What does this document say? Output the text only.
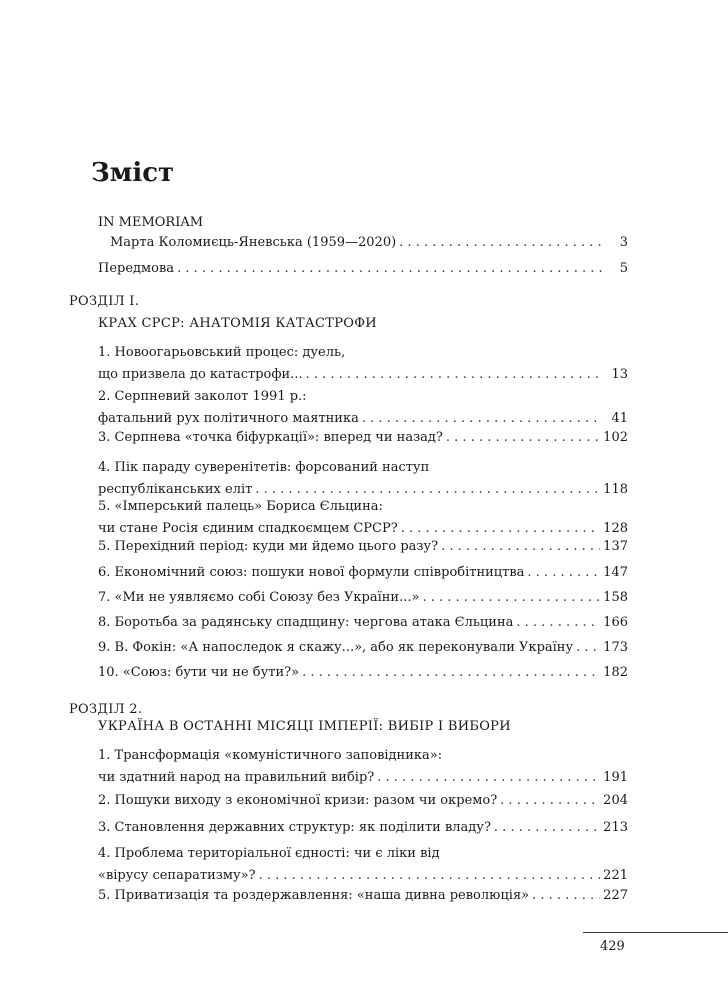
Зміст
IN MEMORIAM
Марта Коломиєць-Яневська (1959—2020) . . .	3
Передмова . . .	5
РОЗДІЛ І.
КРАХ СРСР: АНАТОМІЯ КАТАСТРОФИ
1. Новоогарьовський процес: дуель,
що призвела до катастрофи... . . .	13
2. Серпневий заколот 1991 р.:
фатальний рух політичного маятника . . .	41
3. Серпнева «точка біфуркації»: вперед чи назад? . . .	102
4. Пік параду суверенітетів: форсований наступ
республіканських еліт . . .	118
5. «Імперський палець» Бориса Єльцина:
чи стане Росія єдиним спадкоємцем СРСР? . . .	128
5. Перехідний період: куди ми йдемо цього разу? . . .	137
6. Економічний союз: пошуки нової формули співробітництва . . .	147
7. «Ми не уявляємо собі Союзу без України...» . . .	158
8. Боротьба за радянську спадщину: чергова атака Єльцина . . .	166
9. В. Фокін: «А напоследок я скажу...», або як переконували Україну . . . 173
10. «Союз: бути чи не бути?» . . .	182
РОЗДІЛ 2.
УКРАЇНА В ОСТАННІ МІСЯЦІ ІМПЕРІЇ: ВИБІР І ВИБОРИ
1. Трансформація «комуністичного заповідника»:
чи здатний народ на правильний вибір? . . .	191
2. Пошуки виходу з економічної кризи: разом чи окремо? . . .	204
3. Становлення державних структур: як поділити владу? . . .	213
4. Проблема територіальної єдності: чи є ліки від
«вірусу сепаратизму»? . . .	221
5. Приватизація та роздержавлення: «наша дивна революція» . . .	227
429
